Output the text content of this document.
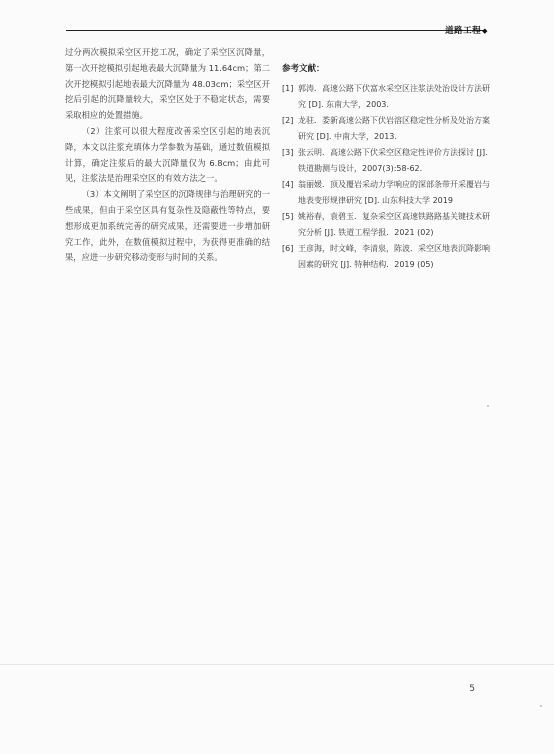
道路工程◆

过分两次模拟采空区开挖工况，确定了采空区沉降量，第一次开挖模拟引起地表最大沉降量为 11.64cm；第二次开挖模拟引起地表最大沉降量为 48.03cm；采空区开挖后引起的沉降量较大，采空区处于不稳定状态，需要采取相应的处置措施。

（2）注浆可以很大程度改善采空区引起的地表沉降，本文以注浆充填体力学参数为基础，通过数值模拟计算，确定注浆后的最大沉降量仅为 6.8cm；由此可见，注浆法是治理采空区的有效方法之一。

（3）本文阐明了采空区的沉降规律与治理研究的一些成果，但由于采空区具有复杂性及隐蔽性等特点，要想形成更加系统完善的研究成果，还需要进一步增加研究工作，此外，在数值模拟过程中，为获得更准确的结果，应进一步研究移动变形与时间的关系。

参考文献：
[1] 郭涛．高速公路下伏富水采空区注浆法处治设计方法研究 [D]. 东南大学，2003.
[2] 龙驻．娄新高速公路下伏岩溶区稳定性分析及处治方案研究 [D]. 中南大学，2013.
[3] 张云明．高速公路下伏采空区稳定性评价方法探讨 [J]. 铁道勘测与设计，2007(3):58-62.
[4] 翁丽媛．顶及覆岩采动力学响应的深部条带开采覆岩与地表变形规律研究 [D]. 山东科技大学 2019
[5] 姚裕春，袁碧玉．复杂采空区高速铁路路基关键技术研究分析 [J]. 铁道工程学报．2021 (02)
[6] 王彦海，时文峰，李清泉，陈波．采空区地表沉降影响因素的研究 [J]. 特种结构．2019 (05)
5
